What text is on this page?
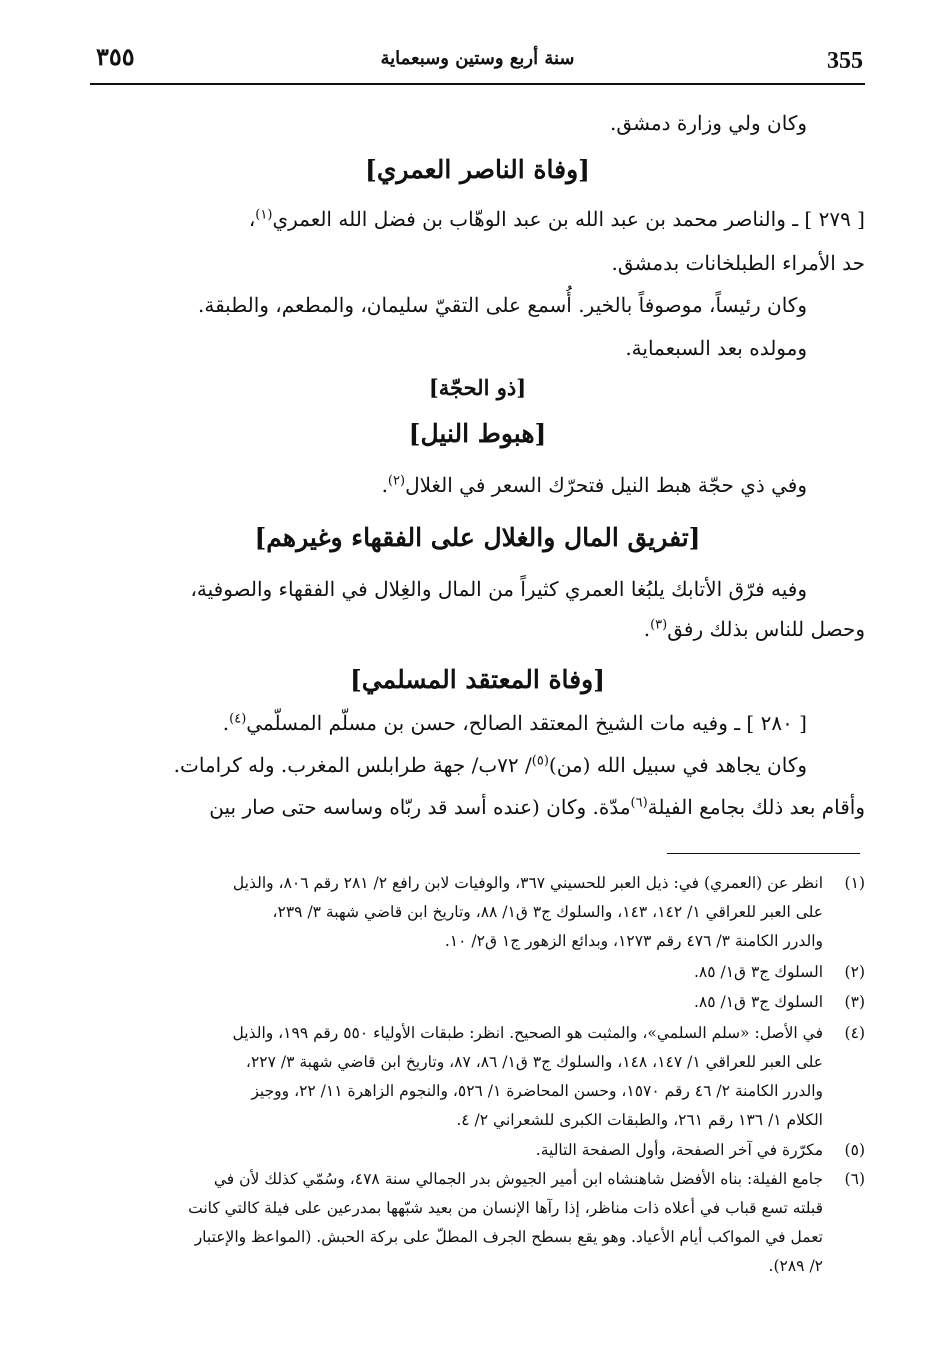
٣٥٥	سنة أربع وستين وسبعماية	355
وكان ولي وزارة دمشق.
[وفاة الناصر العمري]
[ ٢٧٩ ] ـ والناصر محمد بن عبد الله بن عبد الوهّاب بن فضل الله العمري$^{(١)}$،
حد الأمراء الطبلخانات بدمشق.
وكان رئيساً، موصوفاً بالخير. أُسمع على التقيّ سليمان، والمطعم، والطبقة.
ومولده بعد السبعماية.
[ذو الحجّة]
[هبوط النيل]
وفي ذي حجّة هبط النيل فتحرّك السعر في الغلال$^{(٢)}$.
[تفريق المال والغلال على الفقهاء وغيرهم]
وفيه فرّق الأتابك يلبُغا العمري كثيراً من المال والغِلال في الفقهاء والصوفية،
وحصل للناس بذلك رفق$^{(٣)}$.
[وفاة المعتقد المسلمي]
[ ٢٨٠ ] ـ وفيه مات الشيخ المعتقد الصالح، حسن بن مسلّم المسلّمي$^{(٤)}$.
وكان يجاهد في سبيل الله (من)$^{(٥)}$/ ٧٢ب/ جهة طرابلس المغرب. وله كرامات.
وأقام بعد ذلك بجامع الفيلة$^{(٦)}$مدّة. وكان (عنده أسد قد ربّاه وساسه حتى صار بين
(١)
انظر عن (العمري) في: ذيل العبر للحسيني ٣٦٧، والوفيات لابن رافع ٢/ ٢٨١ رقم ٨٠٦، والذيل
على العبر للعراقي ١/ ١٤٢، ١٤٣، والسلوك ج٣ ق١/ ٨٨، وتاريخ ابن قاضي شهبة ٣/ ٢٣٩،
والدرر الكامنة ٣/ ٤٧٦ رقم ١٢٧٣، وبدائع الزهور ج١ ق٢/ ١٠.
(٢)
السلوك ج٣ ق١/ ٨٥.
(٣)
السلوك ج٣ ق١/ ٨٥.
(٤)
في الأصل: «سلم السلمي»، والمثبت هو الصحيح. انظر: طبقات الأولياء ٥٥٠ رقم ١٩٩، والذيل
على العبر للعراقي ١/ ١٤٧، ١٤٨، والسلوك ج٣ ق١/ ٨٦، ٨٧، وتاريخ ابن قاضي شهبة ٣/ ٢٢٧،
والدرر الكامنة ٢/ ٤٦ رقم ١٥٧٠، وحسن المحاضرة ١/ ٥٢٦، والنجوم الزاهرة ١١/ ٢٢، ووجيز
الكلام ١/ ١٣٦ رقم ٢٦١، والطبقات الكبرى للشعراني ٢/ ٤.
(٥)
مكرّرة في آخر الصفحة، وأول الصفحة التالية.
(٦)
جامع الفيلة: بناه الأفضل شاهنشاه ابن أمير الجيوش بدر الجمالي سنة ٤٧٨، وسُمّي كذلك لأن في
قبلته تسع قباب في أعلاه ذات مناظر، إذا رآها الإنسان من بعيد شبّهها بمدرعين على فيلة كالتي كانت
تعمل في المواكب أيام الأعياد. وهو يقع بسطح الجرف المطلّ على بركة الحبش. (المواعظ والإعتبار
٢/ ٢٨٩).
